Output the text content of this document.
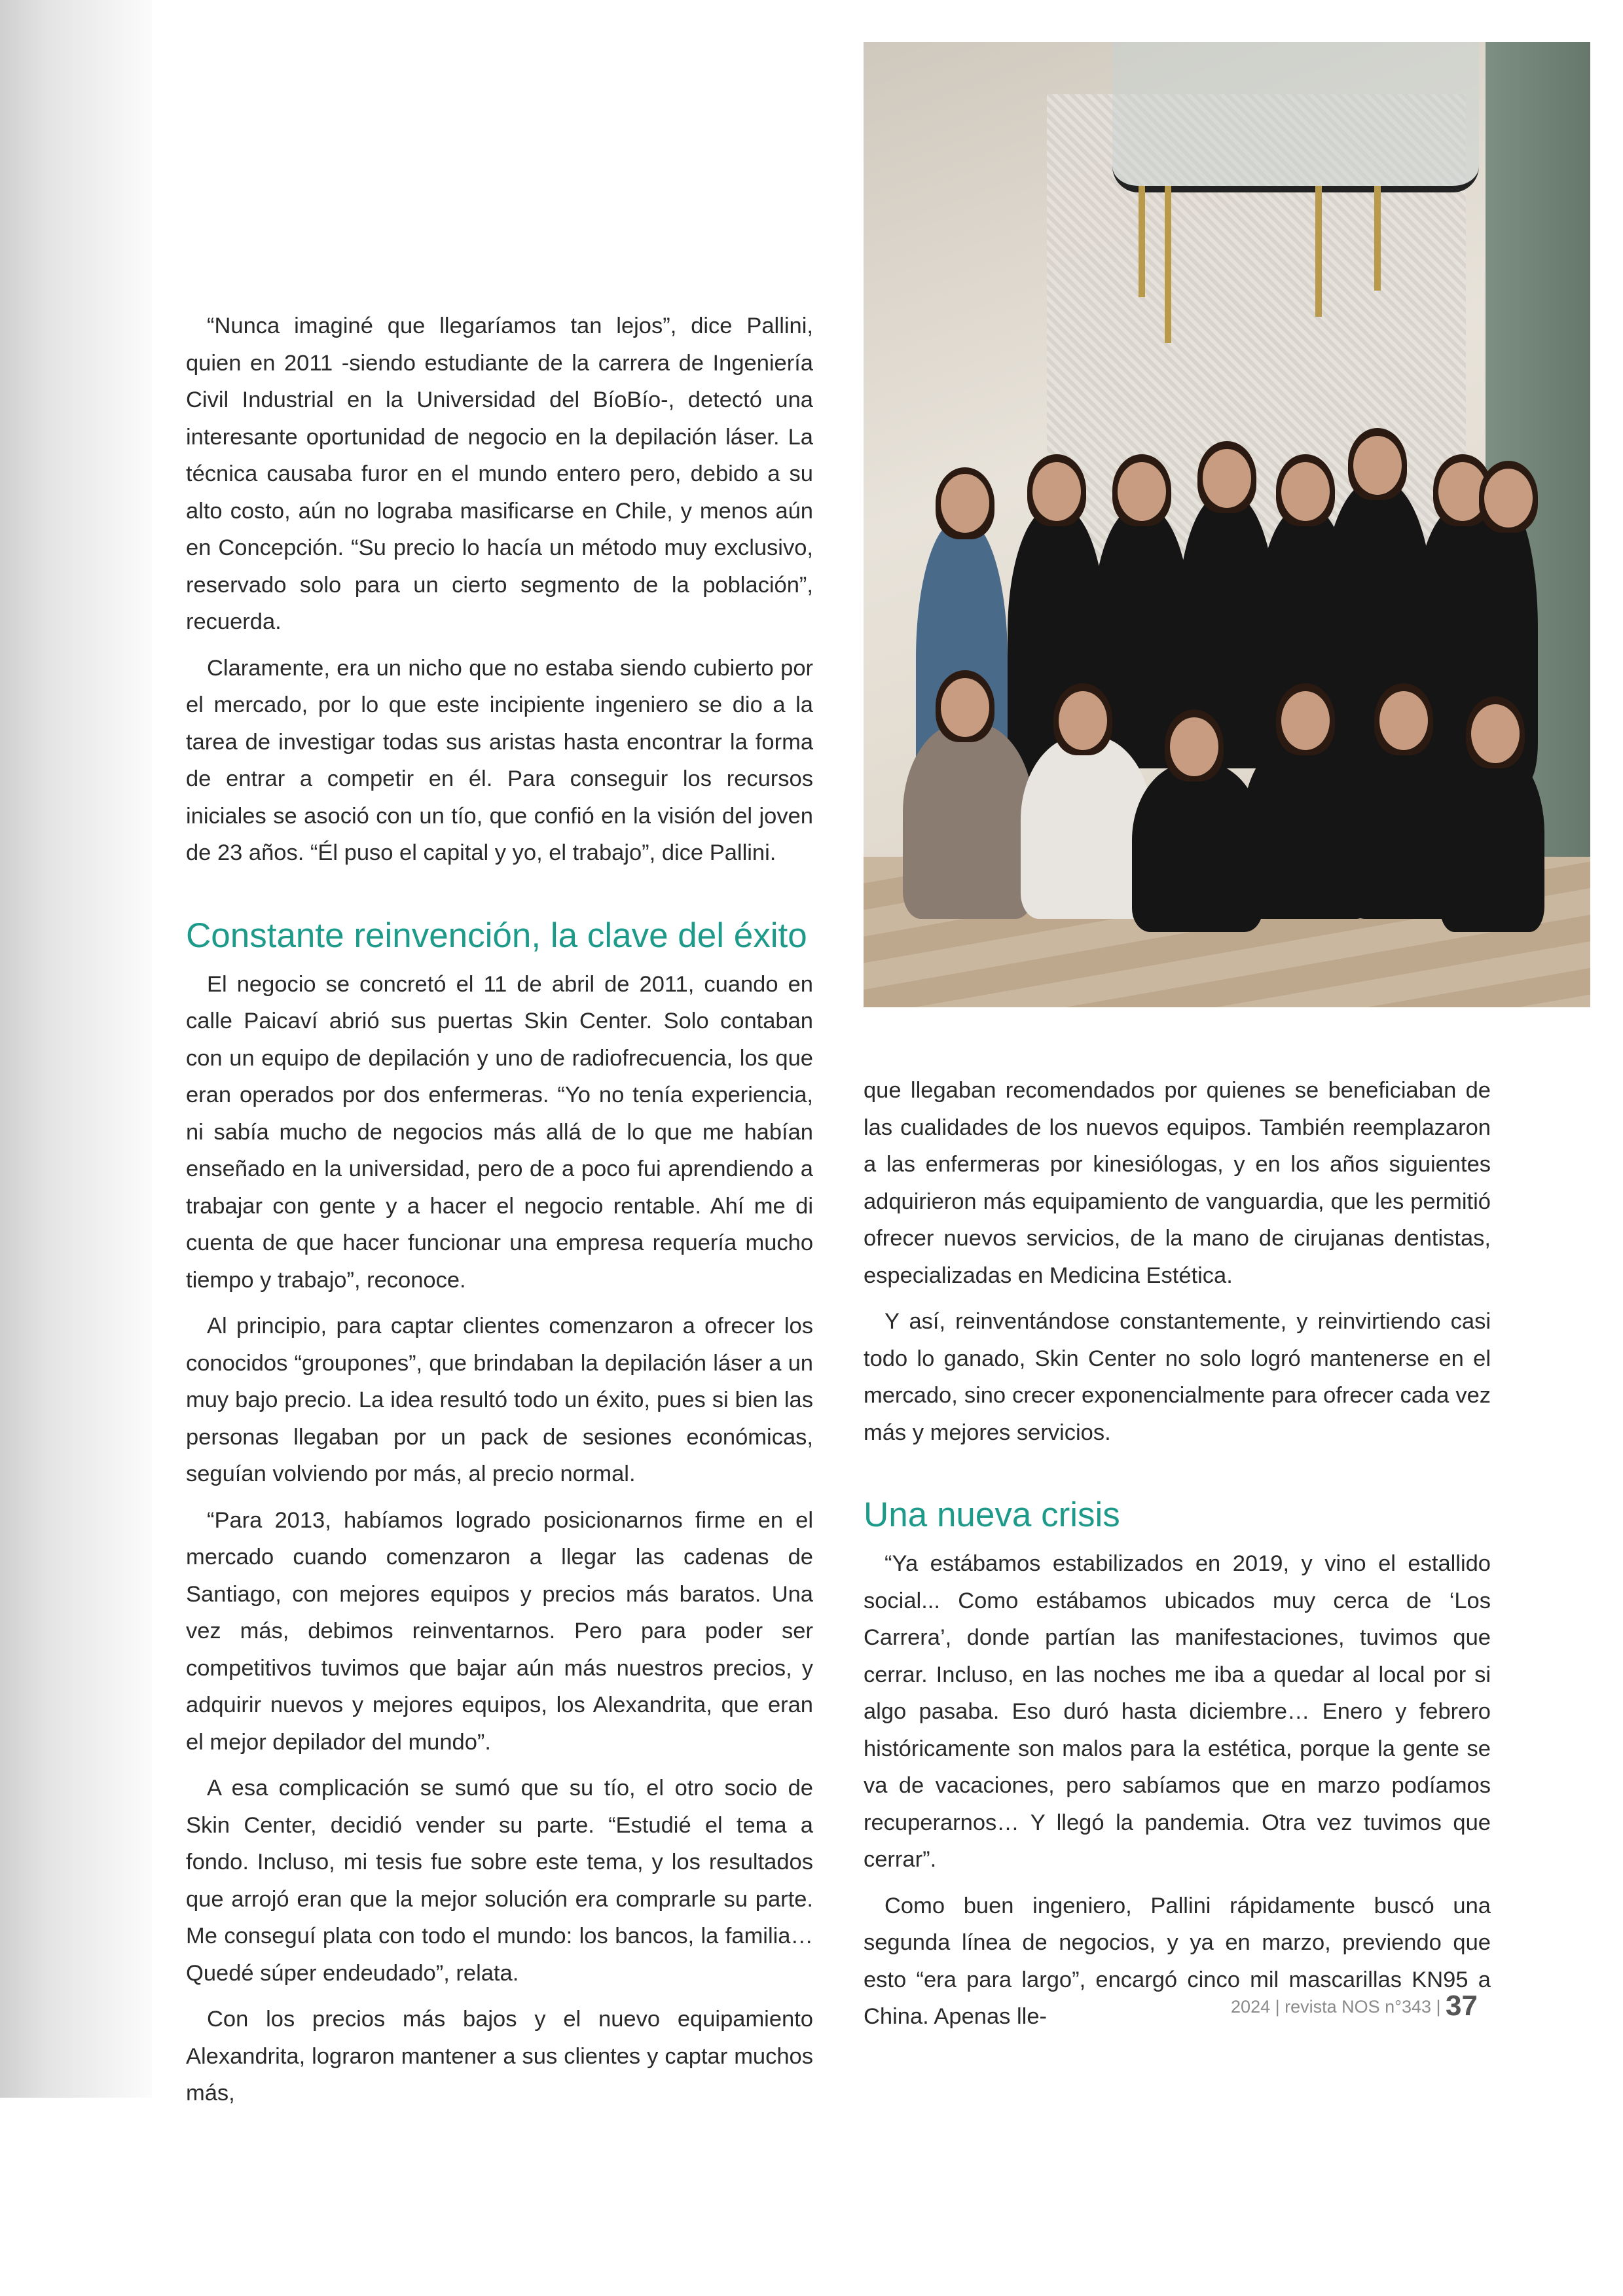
“Nunca imaginé que llegaríamos tan lejos”, dice Pallini, quien en 2011 -siendo estudiante de la carrera de Ingeniería Civil Industrial en la Universidad del BíoBío-, detectó una interesante oportunidad de negocio en la depilación láser. La técnica causaba furor en el mundo entero pero, debido a su alto costo, aún no lograba masificarse en Chile, y menos aún en Concepción. “Su precio lo hacía un método muy exclusivo, reservado solo para un cierto segmento de la población”, recuerda.

Claramente, era un nicho que no estaba siendo cubierto por el mercado, por lo que este incipiente ingeniero se dio a la tarea de investigar todas sus aristas hasta encontrar la forma de entrar a competir en él. Para conseguir los recursos iniciales se asoció con un tío, que confió en la visión del joven de 23 años. “Él puso el capital y yo, el trabajo”, dice Pallini.

Constante reinvención, la clave del éxito

El negocio se concretó el 11 de abril de 2011, cuando en calle Paicaví abrió sus puertas Skin Center. Solo contaban con un equipo de depilación y uno de radiofrecuencia, los que eran operados por dos enfermeras. “Yo no tenía experiencia, ni sabía mucho de negocios más allá de lo que me habían enseñado en la universidad, pero de a poco fui aprendiendo a trabajar con gente y a hacer el negocio rentable. Ahí me di cuenta de que hacer funcionar una empresa requería mucho tiempo y trabajo”, reconoce.

Al principio, para captar clientes comenzaron a ofrecer los conocidos “groupones”, que brindaban la depilación láser a un muy bajo precio. La idea resultó todo un éxito, pues si bien las personas llegaban por un pack de sesiones económicas, seguían volviendo por más, al precio normal.

“Para 2013, habíamos logrado posicionarnos firme en el mercado cuando comenzaron a llegar las cadenas de Santiago, con mejores equipos y precios más baratos. Una vez más, debimos reinventarnos. Pero para poder ser competitivos tuvimos que bajar aún más nuestros precios, y adquirir nuevos y mejores equipos, los Alexandrita, que eran el mejor depilador del mundo”.

A esa complicación se sumó que su tío, el otro socio de Skin Center, decidió vender su parte. “Estudié el tema a fondo. Incluso, mi tesis fue sobre este tema, y los resultados que arrojó eran que la mejor solución era comprarle su parte. Me conseguí plata con todo el mundo: los bancos, la familia… Quedé súper endeudado”, relata.

Con los precios más bajos y el nuevo equipamiento Alexandrita, lograron mantener a sus clientes y captar muchos más,

que llegaban recomendados por quienes se beneficiaban de las cualidades de los nuevos equipos. También reemplazaron a las enfermeras por kinesiólogas, y en los años siguientes adquirieron más equipamiento de vanguardia, que les permitió ofrecer nuevos servicios, de la mano de cirujanas dentistas, especializadas en Medicina Estética.

Y así, reinventándose constantemente, y reinvirtiendo casi todo lo ganado, Skin Center no solo logró mantenerse en el mercado, sino crecer exponencialmente para ofrecer cada vez más y mejores servicios.

Una nueva crisis

“Ya estábamos estabilizados en 2019, y vino el estallido social... Como estábamos ubicados muy cerca de ‘Los Carrera’, donde partían las manifestaciones, tuvimos que cerrar. Incluso, en las noches me iba a quedar al local por si algo pasaba. Eso duró hasta diciembre… Enero y febrero históricamente son malos para la estética, porque la gente se va de vacaciones, pero sabíamos que en marzo podíamos recuperarnos… Y llegó la pandemia. Otra vez tuvimos que cerrar”.

Como buen ingeniero, Pallini rápidamente buscó una segunda línea de negocios, y ya en marzo, previendo que esto “era para largo”, encargó cinco mil mascarillas KN95 a China. Apenas lle-	2024 | revista NOS n°343 | 37
